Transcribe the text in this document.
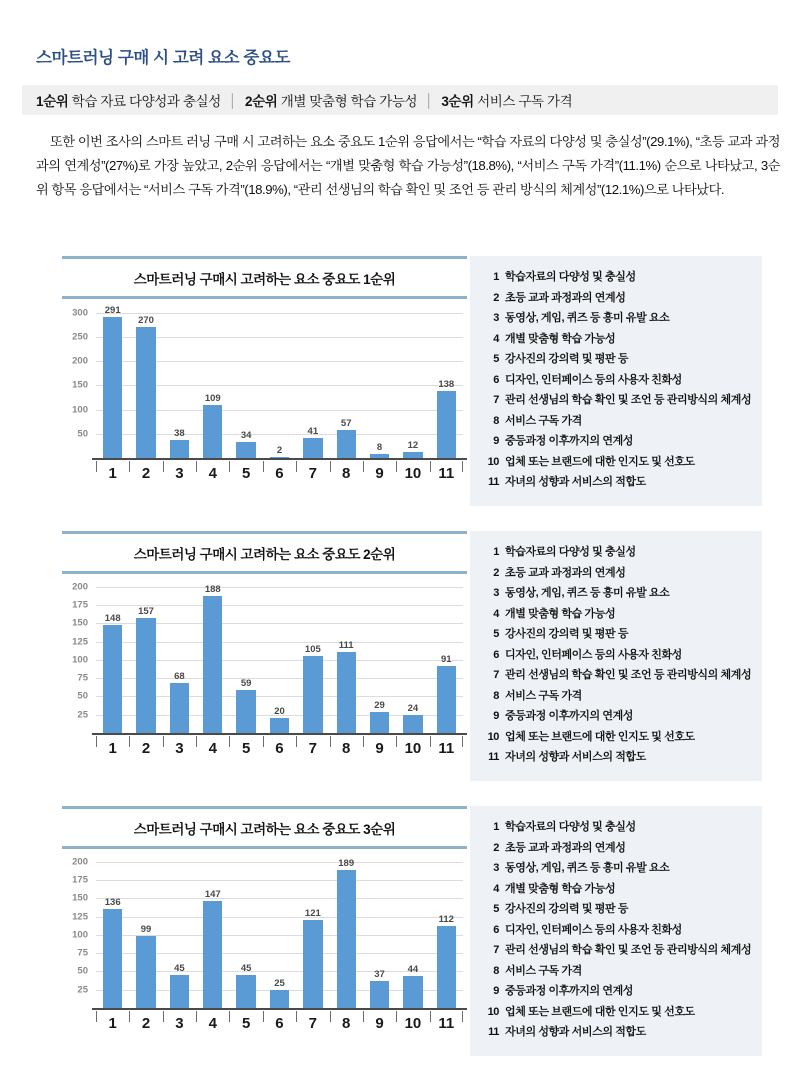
스마트러닝 구매 시 고려 요소 중요도
1순위 학습 자료 다양성과 충실성 │ 2순위 개별 맞춤형 학습 가능성 │ 3순위 서비스 구독 가격
또한 이번 조사의 스마트 러닝 구매 시 고려하는 요소 중요도 1순위 응답에서는 “학습 자료의 다양성 및 충실성”(29.1%), “초등 교과 과정과의 연계성”(27%)로 가장 높았고, 2순위 응답에서는 “개별 맞춤형 학습 가능성”(18.8%), “서비스 구독 가격”(11.1%) 순으로 나타났고, 3순위 항목 응답에서는 “서비스 구독 가격”(18.9%), “관리 선생님의 학습 확인 및 조언 등 관리 방식의 체계성”(12.1%)으로 나타났다.
스마트러닝 구매시 고려하는 요소 중요도 1순위
50
100
150
200
250
300 291
270
38
109
34
2
41
57
8	12
138
1	2	3	4	5	6	7	8	9	10	11
1 학습자료의 다양성 및 충실성
2 초등 교과 과정과의 연계성
3 동영상, 게임, 퀴즈 등 흥미 유발 요소
4 개별 맞춤형 학습 가능성
5 강사진의 강의력 및 평판 등
6 디자인, 인터페이스 등의 사용자 친화성
7 관리 선생님의 학습 확인 및 조언 등 관리방식의 체계성
8 서비스 구독 가격
9 중등과정 이후까지의 연계성
10 업체 또는 브랜드에 대한 인지도 및 선호도
11 자녀의 성향과 서비스의 적합도
스마트러닝 구매시 고려하는 요소 중요도 2순위
25
50
75
100
125
150
175
200
148
157
68
188
59
20
105 111
29 24
91
1	2	3	4	5	6	7	8	9	10	11
1 학습자료의 다양성 및 충실성
2 초등 교과 과정과의 연계성
3 동영상, 게임, 퀴즈 등 흥미 유발 요소
4 개별 맞춤형 학습 가능성
5 강사진의 강의력 및 평판 등
6 디자인, 인터페이스 등의 사용자 친화성
7 관리 선생님의 학습 확인 및 조언 등 관리방식의 체계성
8 서비스 구독 가격
9 중등과정 이후까지의 연계성
10 업체 또는 브랜드에 대한 인지도 및 선호도
11 자녀의 성향과 서비스의 적합도
스마트러닝 구매시 고려하는 요소 중요도 3순위
25
50
75
100
125
150
175
200
136
99
45
147
45
25
121
189
37 44
112
1	2	3	4	5	6	7	8	9	10	11
1 학습자료의 다양성 및 충실성
2 초등 교과 과정과의 연계성
3 동영상, 게임, 퀴즈 등 흥미 유발 요소
4 개별 맞춤형 학습 가능성
5 강사진의 강의력 및 평판 등
6 디자인, 인터페이스 등의 사용자 친화성
7 관리 선생님의 학습 확인 및 조언 등 관리방식의 체계성
8 서비스 구독 가격
9 중등과정 이후까지의 연계성
10 업체 또는 브랜드에 대한 인지도 및 선호도
11 자녀의 성향과 서비스의 적합도
